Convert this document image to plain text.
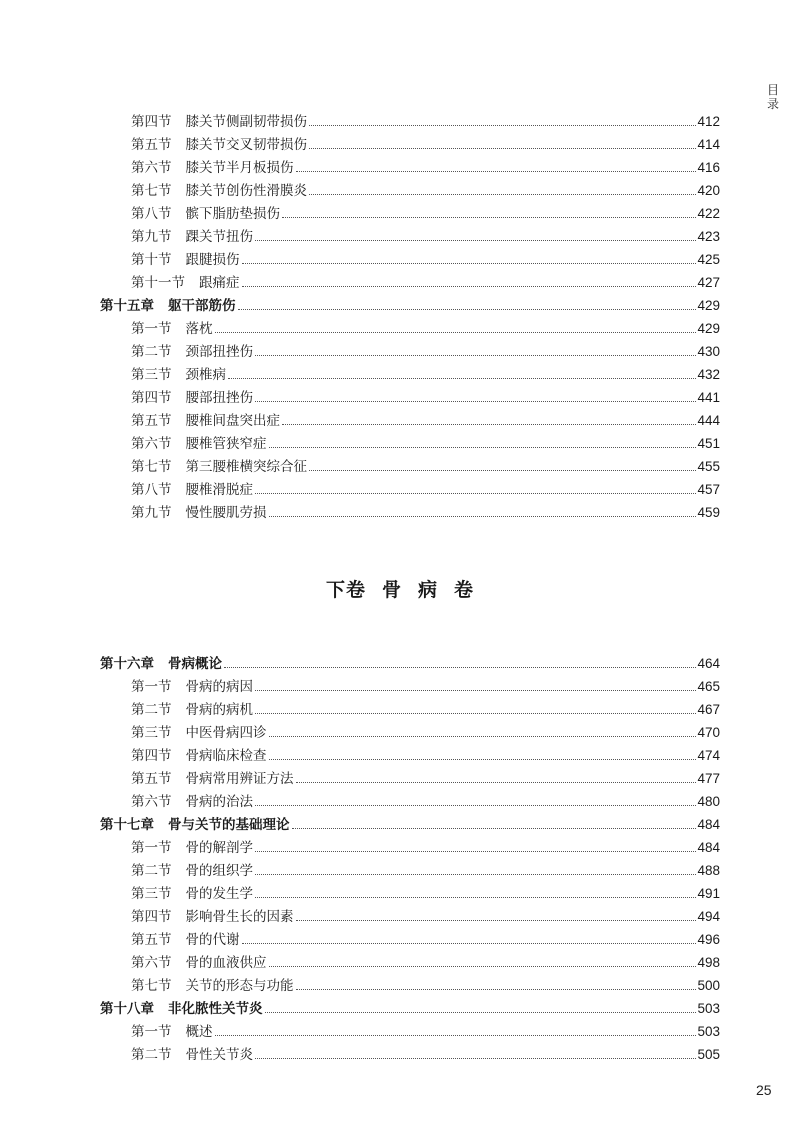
目
录
第四节 膝关节侧副韧带损伤	412
第五节 膝关节交叉韧带损伤	414
第六节 膝关节半月板损伤	416
第七节 膝关节创伤性滑膜炎	420
第八节 髌下脂肪垫损伤	422
第九节 踝关节扭伤	423
第十节 跟腱损伤	425
第十一节 跟痛症	427
第十五章 躯干部筋伤	429
第一节 落枕	429
第二节 颈部扭挫伤	430
第三节 颈椎病	432
第四节 腰部扭挫伤	441
第五节 腰椎间盘突出症	444
第六节 腰椎管狭窄症	451
第七节 第三腰椎横突综合征	455
第八节 腰椎滑脱症	457
第九节 慢性腰肌劳损	459
下卷 骨 病 卷
第十六章 骨病概论	464
第一节 骨病的病因	465
第二节 骨病的病机	467
第三节 中医骨病四诊	470
第四节 骨病临床检查	474
第五节 骨病常用辨证方法	477
第六节 骨病的治法	480
第十七章 骨与关节的基础理论	484
第一节 骨的解剖学	484
第二节 骨的组织学	488
第三节 骨的发生学	491
第四节 影响骨生长的因素	494
第五节 骨的代谢	496
第六节 骨的血液供应	498
第七节 关节的形态与功能	500
第十八章 非化脓性关节炎	503
第一节 概述	503
第二节 骨性关节炎	505
25
